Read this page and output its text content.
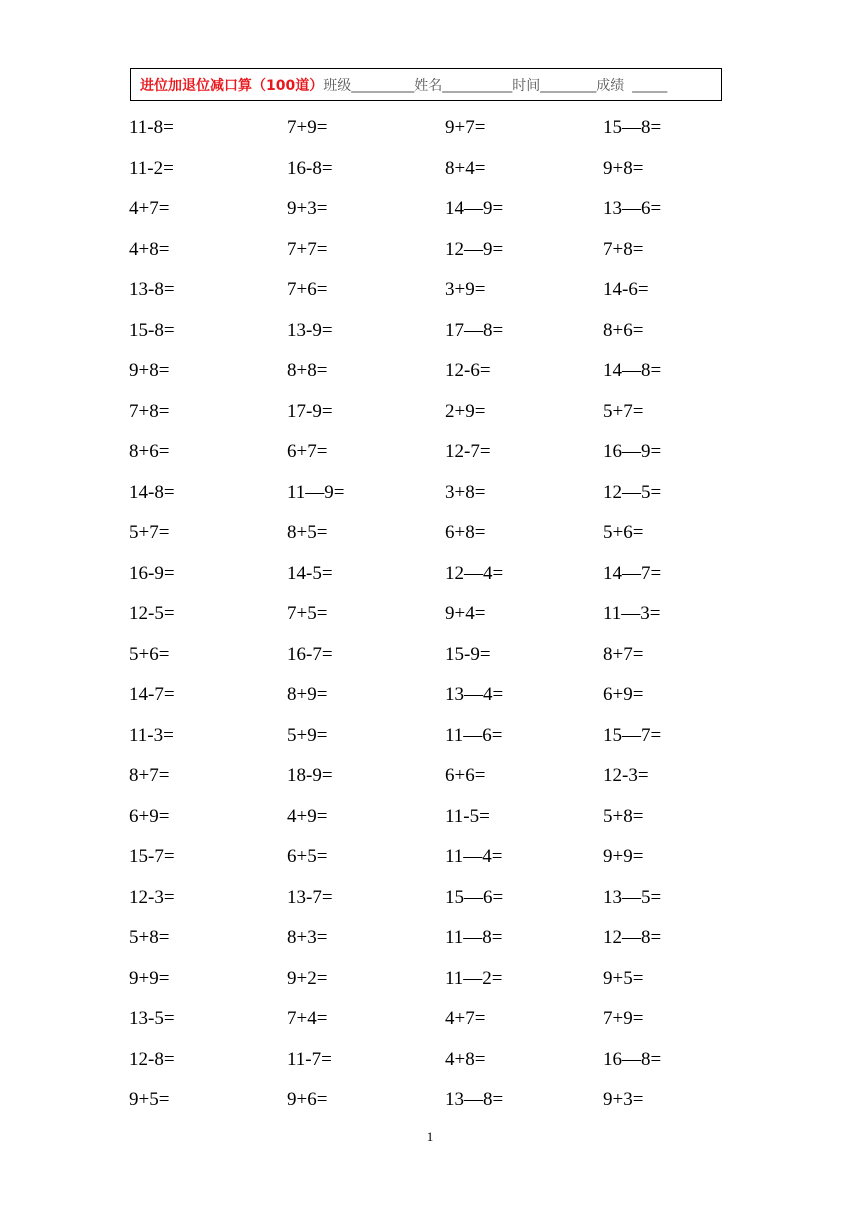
进位加退位减口算（100道） 班级 _________ 姓名 __________ 时间 ________ 成绩 _____
11-8=	7+9=	9+7=	15—8=
11-2=	16-8=	8+4=	9+8=
4+7=	9+3=	14—9=	13—6=
4+8=	7+7=	12—9=	7+8=
13-8=	7+6=	3+9=	14-6=
15-8=	13-9=	17—8=	8+6=
9+8=	8+8=	12-6=	14—8=
7+8=	17-9=	2+9=	5+7=
8+6=	6+7=	12-7=	16—9=
14-8=	11—9=	3+8=	12—5=
5+7=	8+5=	6+8=	5+6=
16-9=	14-5=	12—4=	14—7=
12-5=	7+5=	9+4=	11—3=
5+6=	16-7=	15-9=	8+7=
14-7=	8+9=	13—4=	6+9=
11-3=	5+9=	11—6=	15—7=
8+7=	18-9=	6+6=	12-3=
6+9=	4+9=	11-5=	5+8=
15-7=	6+5=	11—4=	9+9=
12-3=	13-7=	15—6=	13—5=
5+8=	8+3=	11—8=	12—8=
9+9=	9+2=	11—2=	9+5=
13-5=	7+4=	4+7=	7+9=
12-8=	11-7=	4+8=	16—8=
9+5=	9+6=	13—8=	9+3=
1
